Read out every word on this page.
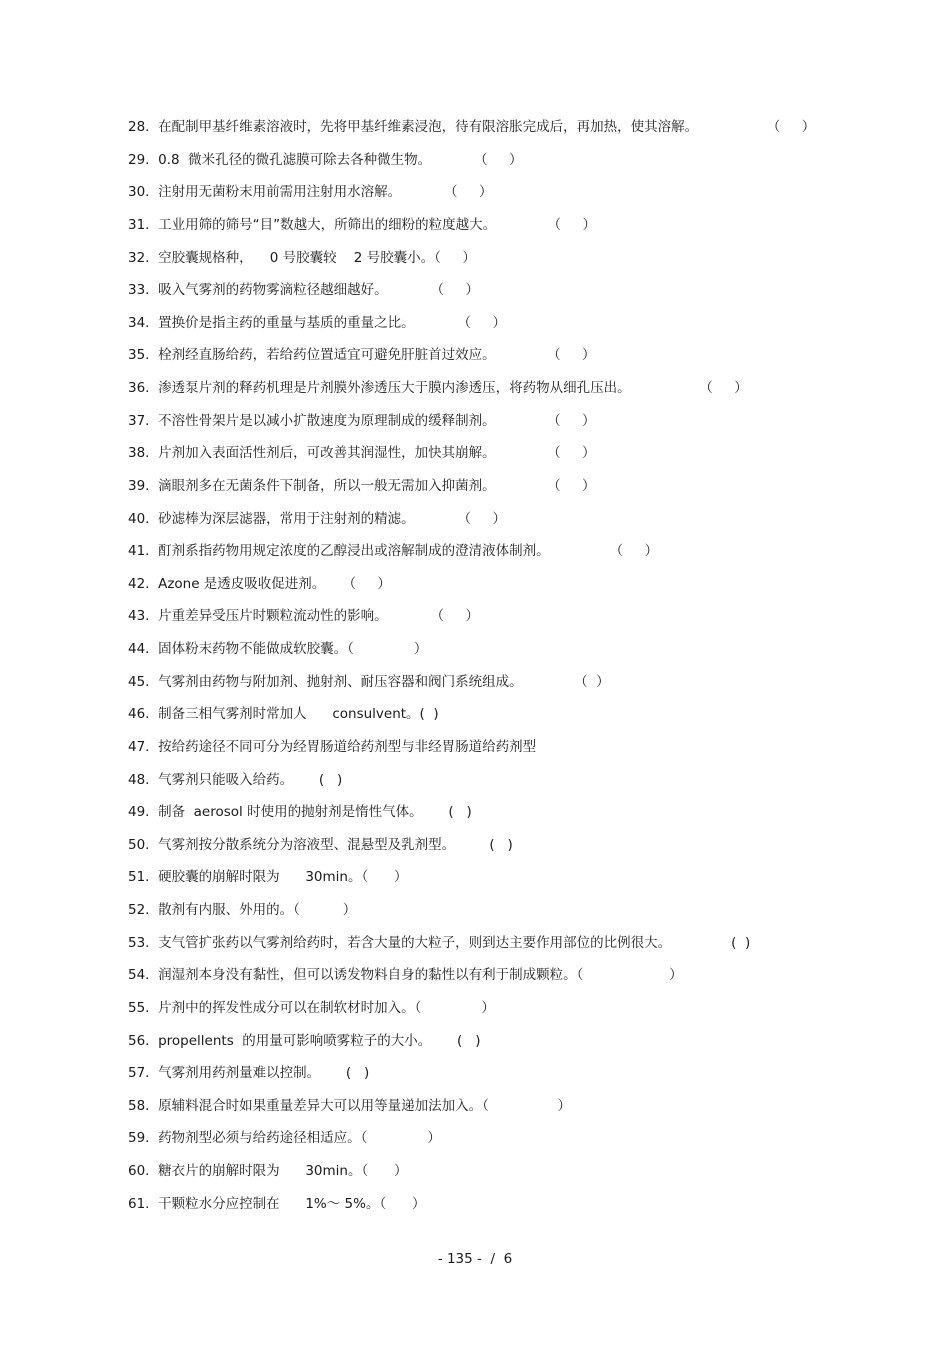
28. 在配制甲基纤维素溶液时，先将甲基纤维素浸泡，待有限溶胀完成后，再加热，使其溶解。                （     ）
29. 0.8  微米孔径的微孔滤膜可除去各种微生物。          （     ）
30. 注射用无菌粉末用前需用注射用水溶解。          （     ）
31. 工业用筛的筛号“目”数越大，所筛出的细粉的粒度越大。            （     ）
32. 空胶囊规格种，    0 号胶囊较    2 号胶囊小。（     ）
33. 吸入气雾剂的药物雾滴粒径越细越好。          （     ）
34. 置换价是指主药的重量与基质的重量之比。          （     ）
35. 栓剂经直肠给药，若给药位置适宜可避免肝脏首过效应。            （     ）
36. 渗透泵片剂的释药机理是片剂膜外渗透压大于膜内渗透压，将药物从细孔压出。                （     ）
37. 不溶性骨架片是以减小扩散速度为原理制成的缓释制剂。            （     ）
38. 片剂加入表面活性剂后，可改善其润湿性，加快其崩解。            （     ）
39. 滴眼剂多在无菌条件下制备，所以一般无需加入抑菌剂。            （     ）
40. 砂滤棒为深层滤器，常用于注射剂的精滤。          （     ）
41. 酊剂系指药物用规定浓度的乙醇浸出或溶解制成的澄清液体制剂。              （     ）
42. Azone 是透皮吸收促进剂。    （     ）
43. 片重差异受压片时颗粒流动性的影响。          （     ）
44. 固体粉末药物不能做成软胶囊。（              ）
45. 气雾剂由药物与附加剂、抛射剂、耐压容器和阀门系统组成。            （  ）
46. 制备三相气雾剂时常加人      consulvent。(  )
47. 按给药途径不同可分为经胃肠道给药剂型与非经胃肠道给药剂型
48. 气雾剂只能吸入给药。      (   )
49. 制备  aerosol 时使用的抛射剂是惰性气体。      (   )
50. 气雾剂按分散系统分为溶液型、混悬型及乳剂型。        (   )
51. 硬胶囊的崩解时限为      30min。（      ）
52. 散剂有内服、外用的。（          ）
53. 支气管扩张药以气雾剂给药时，若含大量的大粒子，则到达主要作用部位的比例很大。              (  )
54. 润湿剂本身没有黏性，但可以诱发物料自身的黏性以有利于制成颗粒。（                    ）
55. 片剂中的挥发性成分可以在制软材时加入。（              ）
56. propellents  的用量可影响喷雾粒子的大小。      (   )
57. 气雾剂用药剂量难以控制。      (   )
58. 原辅料混合时如果重量差异大可以用等量递加法加入。（                ）
59. 药物剂型必须与给药途径相适应。（              ）
60. 糖衣片的崩解时限为      30min。（      ）
61. 干颗粒水分应控制在      1%～ 5%。（      ）
- 135 -  /  6
